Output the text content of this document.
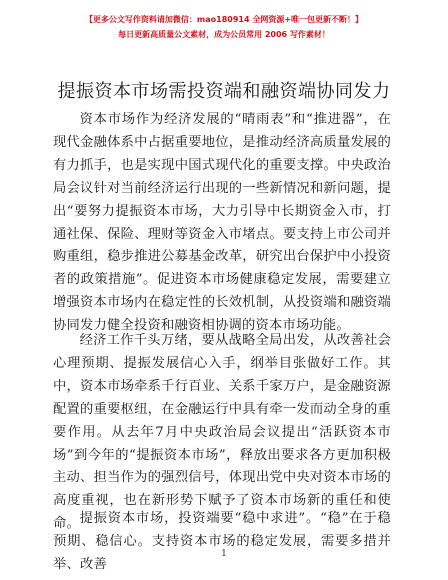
【更多公文写作资料请加微信：mao180914 全网资源+唯一包更新不断！】
每日更新高质量公文素材，成为公员常用 2006 写作素材！
提振资本市场需投资端和融资端协同发力
资本市场作为经济发展的“晴雨表”和“推进器”，在现代金融体系中占据重要地位，是推动经济高质量发展的有力抓手，也是实现中国式现代化的重要支撑。中央政治局会议针对当前经济运行出现的一些新情况和新问题，提出“要努力提振资本市场，大力引导中长期资金入市，打通社保、保险、理财等资金入市堵点。要支持上市公司并购重组，稳步推进公募基金改革，研究出台保护中小投资者的政策措施”。促进资本市场健康稳定发展，需要建立增强资本市场内在稳定性的长效机制，从投资端和融资端协同发力健全投资和融资相协调的资本市场功能。
经济工作千头万绪，要从战略全局出发，从改善社会心理预期、提振发展信心入手，纲举目张做好工作。其中，资本市场牵系千行百业、关系千家万户，是金融资源配置的重要枢纽，在金融运行中具有牵一发而动全身的重要作用。从去年7月中央政治局会议提出“活跃资本市场”到今年的“提振资本市场”，释放出要求各方更加积极主动、担当作为的强烈信号，体现出党中央对资本市场的高度重视，也在新形势下赋予了资本市场新的重任和使命。 提振资本市场，投资端要“稳中求进”。“稳”在于稳预期、稳信心。支持资本市场的稳定发展，需要多措并举、改善
1
